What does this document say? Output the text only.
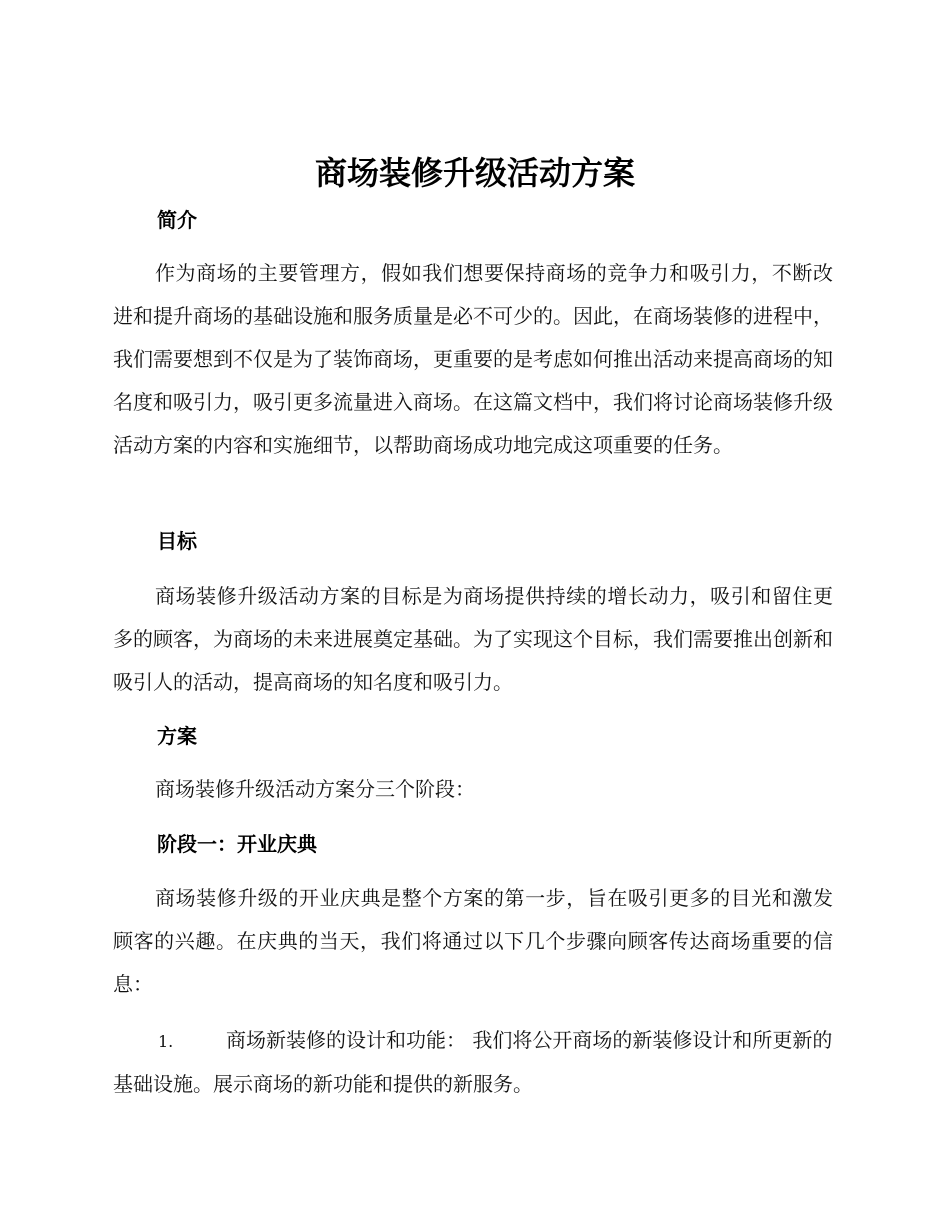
商场装修升级活动方案
简介

作为商场的主要管理方，假如我们想要保持商场的竞争力和吸引力，不断改进和提升商场的基础设施和服务质量是必不可少的。因此，在商场装修的进程中，我们需要想到不仅是为了装饰商场，更重要的是考虑如何推出活动来提高商场的知名度和吸引力，吸引更多流量进入商场。在这篇文档中，我们将讨论商场装修升级活动方案的内容和实施细节，以帮助商场成功地完成这项重要的任务。

目标

商场装修升级活动方案的目标是为商场提供持续的增长动力，吸引和留住更多的顾客，为商场的未来进展奠定基础。为了实现这个目标，我们需要推出创新和吸引人的活动，提高商场的知名度和吸引力。

方案

商场装修升级活动方案分三个阶段：

阶段一：开业庆典

商场装修升级的开业庆典是整个方案的第一步，旨在吸引更多的目光和激发顾客的兴趣。在庆典的当天，我们将通过以下几个步骤向顾客传达商场重要的信息：

1.	商场新装修的设计和功能： 我们将公开商场的新装修设计和所更新的基础设施。展示商场的新功能和提供的新服务。
